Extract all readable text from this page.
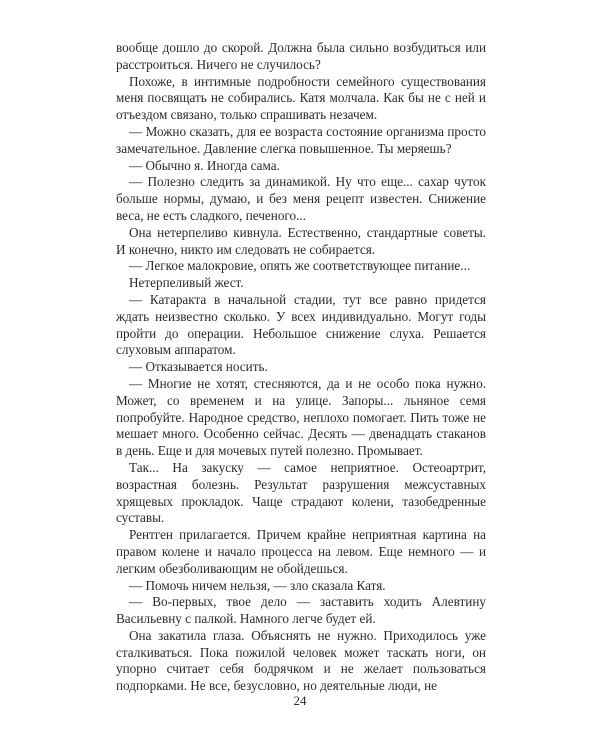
вообще дошло до скорой. Должна была сильно возбудиться или расстроиться. Ничего не случилось?

Похоже, в интимные подробности семейного существования меня посвящать не собирались. Катя молчала. Как бы не с ней и отъездом связано, только спрашивать незачем.

— Можно сказать, для ее возраста состояние организма просто замечательное. Давление слегка повышенное. Ты меряешь?

— Обычно я. Иногда сама.

— Полезно следить за динамикой. Ну что еще... сахар чуток больше нормы, думаю, и без меня рецепт известен. Снижение веса, не есть сладкого, печеного...

Она нетерпеливо кивнула. Естественно, стандартные советы. И конечно, никто им следовать не собирается.

— Легкое малокровие, опять же соответствующее питание...

Нетерпеливый жест.

— Катаракта в начальной стадии, тут все равно придется ждать неизвестно сколько. У всех индивидуально. Могут годы пройти до операции. Небольшое снижение слуха. Решается слуховым аппаратом.

— Отказывается носить.

— Многие не хотят, стесняются, да и не особо пока нужно. Может, со временем и на улице. Запоры... льняное семя попробуйте. Народное средство, неплохо помогает. Пить тоже не мешает много. Особенно сейчас. Десять — двенадцать стаканов в день. Еще и для мочевых путей полезно. Промывает.

Так... На закуску — самое неприятное. Остеоартрит, возрастная болезнь. Результат разрушения межсуставных хрящевых прокладок. Чаще страдают колени, тазобедренные суставы.

Рентген прилагается. Причем крайне неприятная картина на правом колене и начало процесса на левом. Еще немного — и легким обезболивающим не обойдешься.

— Помочь ничем нельзя, — зло сказала Катя.

— Во-первых, твое дело — заставить ходить Алевтину Васильевну с палкой. Намного легче будет ей.

Она закатила глаза. Объяснять не нужно. Приходилось уже сталкиваться. Пока пожилой человек может таскать ноги, он упорно считает себя бодрячком и не желает пользоваться подпорками. Не все, безусловно, но деятельные люди, не

24
